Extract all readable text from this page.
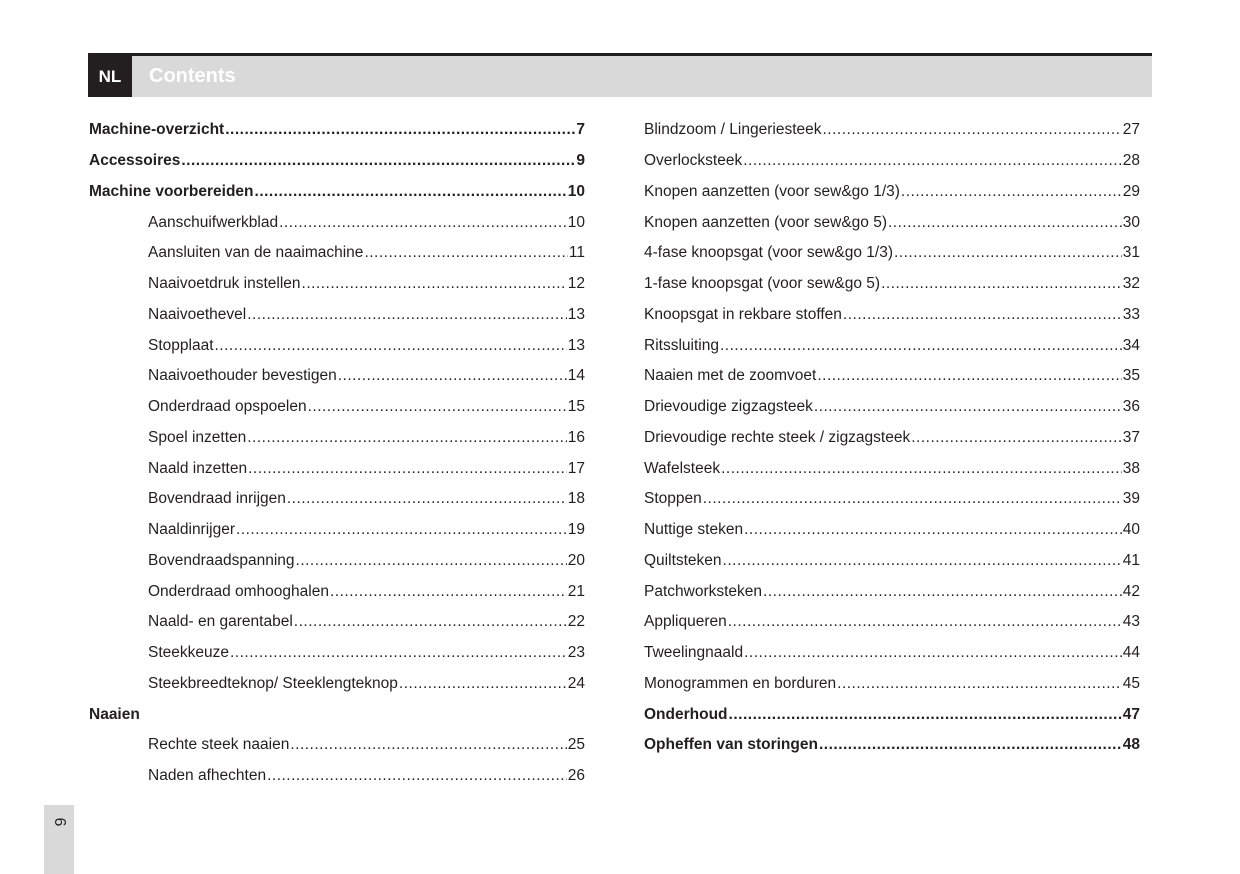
NL	Contents
Machine-overzicht .....	7
Accessoires .....	9
Machine voorbereiden .....	10
Aanschuifwerkblad .....	10
Aansluiten van de naaimachine .....	11
Naaivoetdruk instellen .....	12
Naaivoethevel .....	13
Stopplaat .....	13
Naaivoethouder bevestigen .....	14
Onderdraad opspoelen .....	15
Spoel inzetten .....	16
Naald inzetten .....	17
Bovendraad inrijgen .....	18
Naaldinrijger .....	19
Bovendraadspanning .....	20
Onderdraad omhooghalen .....	21
Naald- en garentabel .....	22
Steekkeuze .....	23
Steekbreedteknop/ Steeklengteknop .....	24
Naaien
Rechte steek naaien .....	25
Naden afhechten .....	26
Blindzoom / Lingeriesteek .....	27
Overlocksteek .....	28
Knopen aanzetten (voor sew&go 1/3) .....	29
Knopen aanzetten (voor sew&go 5) .....	30
4-fase knoopsgat (voor sew&go 1/3) .....	31
1-fase knoopsgat (voor sew&go 5) .....	32
Knoopsgat in rekbare stoffen .....	33
Ritssluiting .....	34
Naaien met de zoomvoet .....	35
Drievoudige zigzagsteek .....	36
Drievoudige rechte steek / zigzagsteek .....	37
Wafelsteek .....	38
Stoppen .....	39
Nuttige steken .....	40
Quiltsteken .....	41
Patchworksteken .....	42
Appliqueren .....	43
Tweelingnaald .....	44
Monogrammen en borduren .....	45
Onderhoud .....	47
Opheffen van storingen .....	48
6
